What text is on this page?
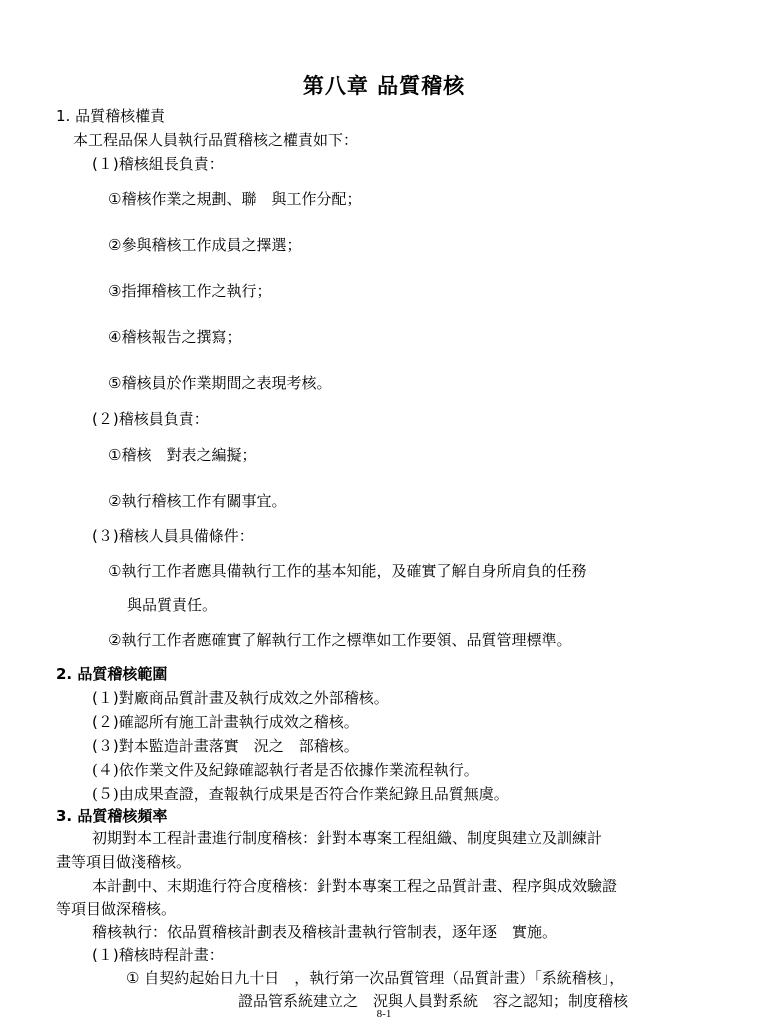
第八章 品質稽核
1. 品質稽核權責
本工程品保人員執行品質稽核之權責如下：
(１)稽核組長負責：
①稽核作業之規劃、聯　與工作分配；
②參與稽核工作成員之擇選；
③指揮稽核工作之執行；
④稽核報告之撰寫；
⑤稽核員於作業期間之表現考核。
(２)稽核員負責：
①稽核　對表之編擬；
②執行稽核工作有關事宜。
(３)稽核人員具備條件：
①執行工作者應具備執行工作的基本知能，及確實了解自身所肩負的任務
與品質責任。
②執行工作者應確實了解執行工作之標準如工作要領、品質管理標準。
2. 品質稽核範圍
(１)對廠商品質計畫及執行成效之外部稽核。
(２)確認所有施工計畫執行成效之稽核。
(３)對本監造計畫落實　況之　部稽核。
(４)依作業文件及紀錄確認執行者是否依據作業流程執行。
(５)由成果查證，查報執行成果是否符合作業紀錄且品質無虞。
3. 品質稽核頻率
初期對本工程計畫進行制度稽核：針對本專案工程組織、制度與建立及訓練計
畫等項目做淺稽核。
本計劃中、末期進行符合度稽核：針對本專案工程之品質計畫、程序與成效驗證
等項目做深稽核。
稽核執行：依品質稽核計劃表及稽核計畫執行管制表，逐年逐　實施。
(１)稽核時程計畫：
① 自契約起始日九十日　，執行第一次品質管理（品質計畫）「系統稽核」，
證品管系統建立之　況與人員對系統　容之認知；制度稽核
8-1
